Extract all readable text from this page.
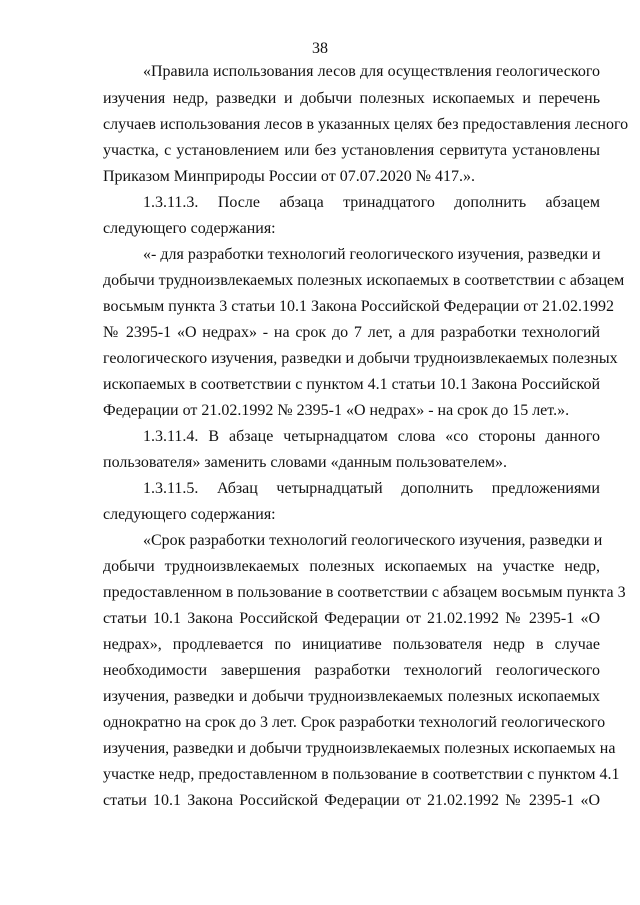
38
«Правила использования лесов для осуществления геологического
изучения недр, разведки и добычи полезных ископаемых и перечень
случаев использования лесов в указанных целях без предоставления лесного
участка, с установлением или без установления сервитута установлены
Приказом Минприроды России от 07.07.2020 № 417.».
1.3.11.3. После абзаца тринадцатого дополнить абзацем
следующего содержания:
«- для разработки технологий геологического изучения, разведки и
добычи трудноизвлекаемых полезных ископаемых в соответствии с абзацем
восьмым пункта 3 статьи 10.1 Закона Российской Федерации от 21.02.1992
№ 2395-1 «О недрах» - на срок до 7 лет, а для разработки технологий
геологического изучения, разведки и добычи трудноизвлекаемых полезных
ископаемых в соответствии с пунктом 4.1 статьи 10.1 Закона Российской
Федерации от 21.02.1992 № 2395-1 «О недрах» - на срок до 15 лет.».
1.3.11.4. В абзаце четырнадцатом слова «со стороны данного
пользователя» заменить словами «данным пользователем».
1.3.11.5. Абзац четырнадцатый дополнить предложениями
следующего содержания:
«Срок разработки технологий геологического изучения, разведки и
добычи трудноизвлекаемых полезных ископаемых на участке недр,
предоставленном в пользование в соответствии с абзацем восьмым пункта 3
статьи 10.1 Закона Российской Федерации от 21.02.1992 № 2395-1 «О
недрах», продлевается по инициативе пользователя недр в случае
необходимости завершения разработки технологий геологического
изучения, разведки и добычи трудноизвлекаемых полезных ископаемых
однократно на срок до 3 лет. Срок разработки технологий геологического
изучения, разведки и добычи трудноизвлекаемых полезных ископаемых на
участке недр, предоставленном в пользование в соответствии с пунктом 4.1
статьи 10.1 Закона Российской Федерации от 21.02.1992 № 2395-1 «О
